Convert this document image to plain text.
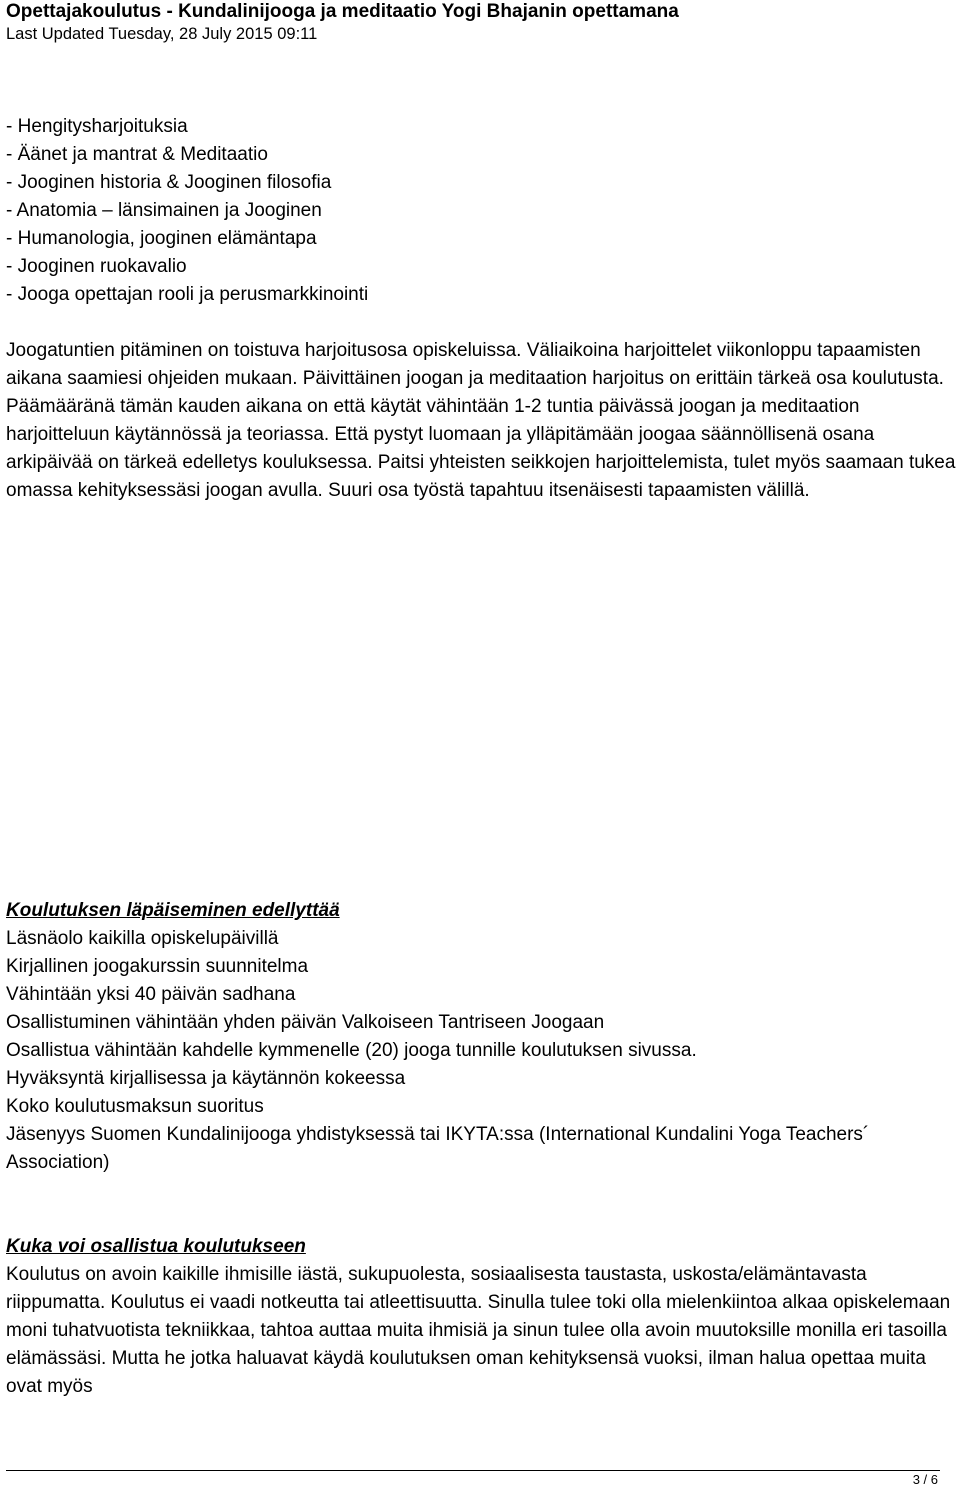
Opettajakoulutus - Kundalinijooga ja meditaatio Yogi Bhajanin opettamana
Last Updated Tuesday, 28 July 2015 09:11
- Hengitysharjoituksia
- Äänet ja mantrat & Meditaatio
- Jooginen historia & Jooginen filosofia
- Anatomia – länsimainen ja Jooginen
- Humanologia, jooginen elämäntapa
- Jooginen ruokavalio
- Jooga opettajan rooli ja perusmarkkinointi
Joogatuntien pitäminen on toistuva harjoitusosa opiskeluissa. Väliaikoina harjoittelet viikonloppu tapaamisten aikana saamiesi ohjeiden mukaan. Päivittäinen joogan ja meditaation harjoitus on erittäin tärkeä osa koulutusta. Päämääränä tämän kauden aikana on että käytät vähintään 1-2 tuntia päivässä joogan ja meditaation harjoitteluun käytännössä ja teoriassa. Että pystyt luomaan ja ylläpitämään joogaa säännöllisenä osana arkipäivää on tärkeä edelletys kouluksessa. Paitsi yhteisten seikkojen harjoittelemista, tulet myös saamaan tukea omassa kehityksessäsi joogan avulla. Suuri osa työstä tapahtuu itsenäisesti tapaamisten välillä.
Koulutuksen läpäiseminen edellyttää
Läsnäolo kaikilla opiskelupäivillä
Kirjallinen joogakurssin suunnitelma
Vähintään yksi 40 päivän sadhana
Osallistuminen vähintään yhden päivän Valkoiseen Tantriseen Joogaan
Osallistua vähintään kahdelle kymmenelle (20) jooga tunnille koulutuksen sivussa.
Hyväksyntä kirjallisessa ja käytännön kokeessa
Koko koulutusmaksun suoritus
Jäsenyys Suomen Kundalinijooga yhdistyksessä tai IKYTA:ssa (International Kundalini Yoga Teachers´ Association)
Kuka voi osallistua koulutukseen
Koulutus on avoin kaikille ihmisille iästä, sukupuolesta, sosiaalisesta taustasta, uskosta/elämäntavasta riippumatta. Koulutus ei vaadi notkeutta tai atleettisuutta. Sinulla tulee toki olla mielenkiintoa alkaa opiskelemaan moni tuhatvuotista tekniikkaa, tahtoa auttaa muita ihmisiä ja sinun tulee olla avoin muutoksille monilla eri tasoilla elämässäsi. Mutta he jotka haluavat käydä koulutuksen oman kehityksensä vuoksi, ilman halua opettaa muita ovat myös
3 / 6
